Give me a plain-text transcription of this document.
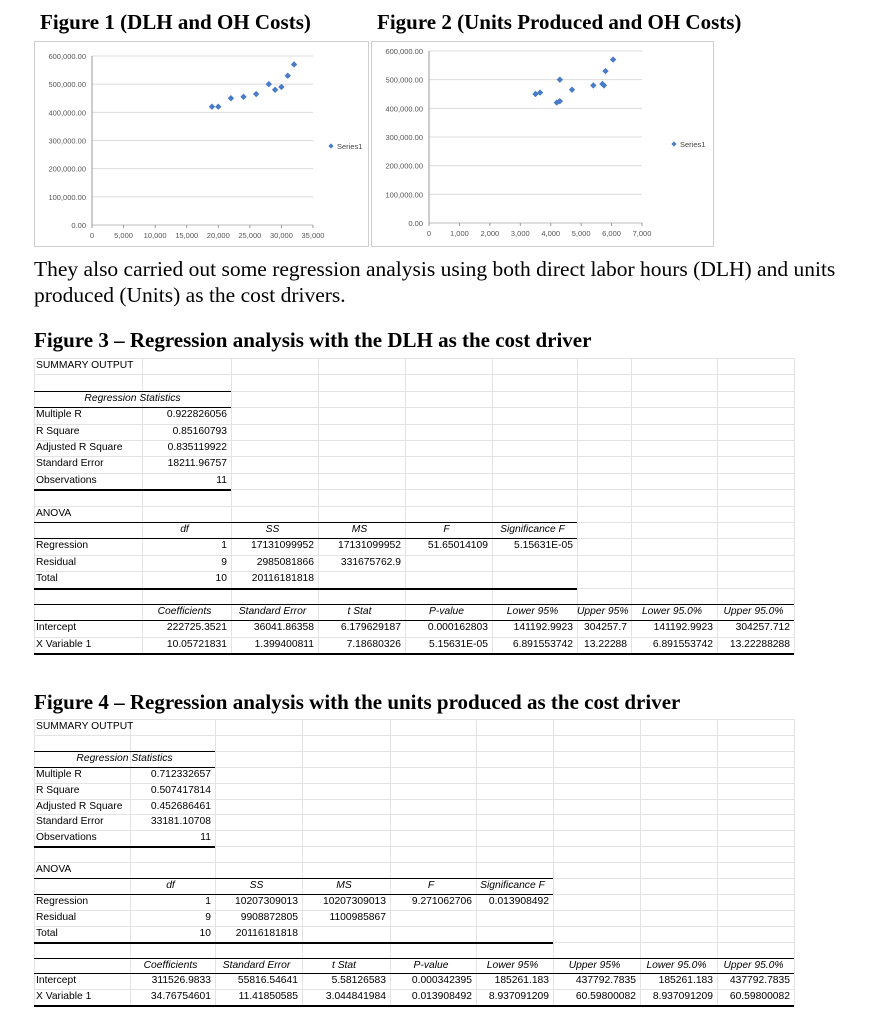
Figure 1 (DLH and OH Costs)	Figure 2 (Units Produced and OH Costs)
0.00
100,000.00
200,000.00
300,000.00
400,000.00
500,000.00
600,000.00
0	5,000 10,000 15,000 20,000 25,000 30,000 35,000
Series1
0.00
100,000.00
200,000.00
300,000.00
400,000.00
500,000.00
600,000.00
0	1,000 2,000 3,000 4,000 5,000 6,000 7,000
Series1
They also carried out some regression analysis using both direct labor hours (DLH) and units produced (Units) as the cost drivers.
Figure 3 – Regression analysis with the DLH as the cost driver
SUMMARY OUTPUT
Regression Statistics
Multiple R	0.922826056
R Square	0.85160793
Adjusted R Square	0.835119922
Standard Error	18211.96757
Observations	11
ANOVA
df	SS	MS	F	Significance F
Regression	1	17131099952	17131099952	51.65014109	5.15631E-05
Residual	9	2985081866	331675762.9
Total	10	20116181818
Coefficients	Standard Error	t Stat	P-value	Lower 95%	Upper 95%	Lower 95.0%	Upper 95.0%
Intercept	222725.3521	36041.86358	6.179629187	0.000162803	141192.9923	304257.7	141192.9923	304257.712
X Variable 1	10.05721831	1.399400811	7.18680326	5.15631E-05	6.891553742	13.22288	6.891553742	13.22288288
Figure 4 – Regression analysis with the units produced as the cost driver
SUMMARY OUTPUT
Regression Statistics
Multiple R	0.712332657
R Square	0.507417814
Adjusted R Square	0.452686461
Standard Error	33181.10708
Observations	11
ANOVA
df	SS	MS	F	Significance F
Regression	1	10207309013	10207309013	9.271062706	0.013908492
Residual	9	9908872805	1100985867
Total	10	20116181818
Coefficients	Standard Error	t Stat	P-value	Lower 95%	Upper 95%	Lower 95.0%	Upper 95.0%
Intercept	311526.9833	55816.54641	5.58126583	0.000342395	185261.183	437792.7835	185261.183	437792.7835
X Variable 1	34.76754601	11.41850585	3.044841984	0.013908492	8.937091209	60.59800082	8.937091209	60.59800082
